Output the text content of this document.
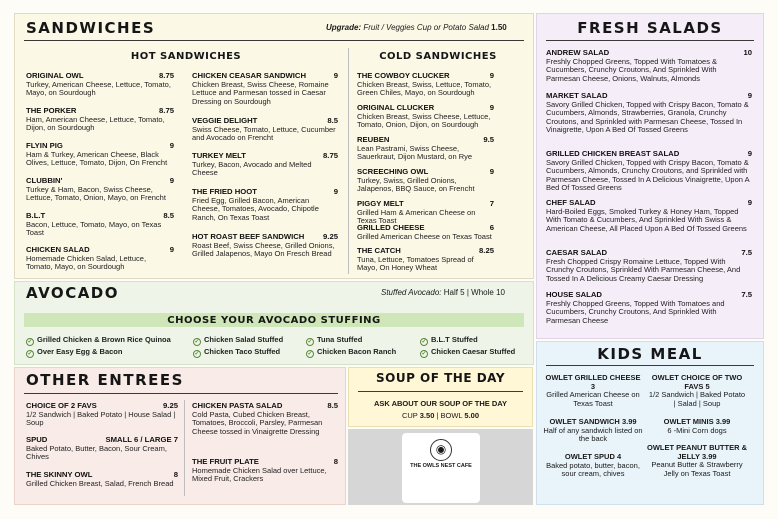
SANDWICHES	Upgrade: Fruit / Veggies Cup or Potato Salad 1.50
HOT SANDWICHES	COLD SANDWICHES
ORIGINAL OWL	8.75
Turkey, American Cheese, Lettuce, Tomato, Mayo, on Sourdough
THE PORKER	8.75
Ham, American Cheese, Lettuce, Tomato, Dijon, on Sourdough
FLYIN PIG	9
Ham & Turkey, American Cheese, Black Olives, Lettuce, Tomato, Dijon, On Frencht
CLUBBIN'	9
Turkey & Ham, Bacon, Swiss Cheese, Lettuce, Tomato, Onion, Mayo, on Frencht
B.L.T	8.5
Bacon, Lettuce, Tomato, Mayo, on Texas Toast
CHICKEN SALAD	9
Homemade Chicken Salad, Lettuce, Tomato, Mayo, on Sourdough
CHICKEN CEASAR SANDWICH	9
Chicken Breast, Swiss Cheese, Romaine Lettuce and Parmesan tossed in Caesar Dressing on Sourdough
VEGGIE DELIGHT	8.5
Swiss Cheese, Tomato, Lettuce, Cucumber and Avocado on Frencht
TURKEY MELT	8.75
Turkey, Bacon, Avocado and Melted Cheese
THE FRIED HOOT	9
Fried Egg, Grilled Bacon, American Cheese, Tomatoes, Avocado, Chipotle Ranch, On Texas Toast
HOT ROAST BEEF SANDWICH 9.25
Roast Beef, Swiss Cheese, Grilled Onions, Grilled Jalapenos, Mayo On Fresch Bread
THE COWBOY CLUCKER	9
Chicken Breast, Swiss, Lettuce, Tomato, Green Chiles, Mayo, on Sourdough
ORIGINAL CLUCKER	9
Chicken Breast, Swiss Cheese, Lettuce, Tomato, Onion, Dijon, on Sourdough
REUBEN	9.5
Lean Pastrami, Swiss Cheese, Sauerkraut, Dijon Mustard, on Rye
SCREECHING OWL	9
Turkey, Swiss, Grilled Onions, Jalapenos, BBQ Sauce, on Frencht
PIGGY MELT	7
Grilled Ham & American Cheese on Texas Toast
GRILLED CHEESE	6
Grilled American Cheese on Texas Toast
THE CATCH	8.25
Tuna, Lettuce, Tomatoes Spread of Mayo, On Honey Wheat
AVOCADO	Stuffed Avocado: Half 5 | Whole 10
CHOOSE YOUR AVOCADO STUFFING
✓ Grilled Chicken & Brown Rice Quinoa
✓ Over Easy Egg & Bacon
✓ Chicken Salad Stuffed
✓ Chicken Taco Stuffed
✓ Tuna Stuffed
✓ Chicken Bacon Ranch
✓ B.L.T Stuffed
✓ Chicken Caesar Stuffed
OTHER ENTREES
CHOICE OF 2 FAVS	9.25
1/2 Sandwich | Baked Potato | House Salad | Soup
SPUD	SMALL 6 / LARGE 7
Baked Potato, Butter, Bacon, Sour Cream, Chives
THE SKINNY OWL	8
Grilled Chicken Breast, Salad, French Bread
CHICKEN PASTA SALAD	8.5
Cold Pasta, Cubed Chicken Breast, Tomatoes, Broccoli, Parsley, Parmesan Cheese tossed in Vinaigrette Dressing
THE FRUIT PLATE	8
Homemade Chicken Salad over Lettuce, Mixed Fruit, Crackers
SOUP OF THE DAY
ASK ABOUT OUR SOUP OF THE DAY
CUP 3.50 | BOWL 5.00
◉
THE OWLS NEST CAFE
FRESH SALADS
ANDREW SALAD	10
Freshly Chopped Greens, Topped With Tomatoes & Cucumbers, Crunchy Croutons, And Sprinkled With Parmesan Cheese, Onions, Walnuts, Almonds
MARKET SALAD	9
Savory Grilled Chicken, Topped with Crispy Bacon, Tomato & Cucumbers, Almonds, Strawberries, Granola, Crunchy Croutons, and Sprinkled with Parmesan Cheese, Tossed In Vinaigrette, Upon A Bed Of Tossed Greens
GRILLED CHICKEN BREAST SALAD	9
Savory Grilled Chicken, Topped with Crispy Bacon, Tomato & Cucumbers, Almonds, Crunchy Croutons, and Sprinkled with Parmesan Cheese, Tossed In A Delicious Vinaigrette, Upon A Bed Of Tossed Greens
CHEF SALAD	9
Hard-Boiled Eggs, Smoked Turkey & Honey Ham, Topped With Tomato & Cucumbers, And Sprinkled With Swiss & American Cheese, All Placed Upon A Bed Of Tossed Greens
CAESAR SALAD	7.5
Fresh Chopped Crispy Romaine Lettuce, Topped With Crunchy Croutons, Sprinkled With Parmesan Cheese, And Tossed In A Delicious Creamy Caesar Dressing
HOUSE SALAD	7.5
Freshly Chopped Greens, Topped With Tomatoes and Cucumbers, Crunchy Croutons, And Sprinkled With Parmesan Cheese
KIDS MEAL
OWLET GRILLED CHEESE 3
Grilled American Cheese on Texas Toast
OWLET CHOICE OF TWO FAVS 5
1/2 Sandwich | Baked Potato | Salad | Soup
OWLET SANDWICH 3.99
Half of any sandwich listed on the back
OWLET MINIS 3.99
6 -Mini Corn dogs
OWLET SPUD 4
Baked potato, butter, bacon, sour cream, chives
OWLET PEANUT BUTTER & JELLY 3.99
Peanut Butter & Strawberry Jelly on Texas Toast
